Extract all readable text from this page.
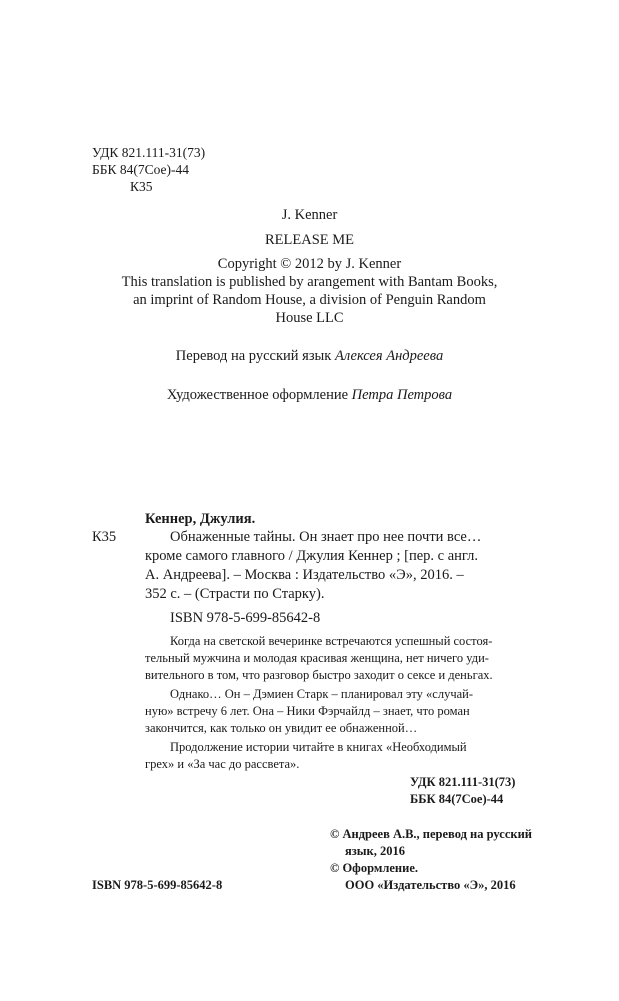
УДК 821.111-31(73)
ББК 84(7Сое)-44
К35
J. Kenner
RELEASE ME
Copyright © 2012 by J. Kenner
This translation is published by arangement with Bantam Books,
an imprint of Random House, a division of Penguin Random
House LLC
Перевод на русский язык Алексея Андреева
Художественное оформление Петра Петрова
Кеннер, Джулия.
К35	Обнаженные тайны. Он знает про нее почти все…
кроме самого главного / Джулия Кеннер ; [пер. с англ.
А. Андреева]. – Москва : Издательство «Э», 2016. –
352 с. – (Страсти по Старку).
ISBN 978-5-699-85642-8
Когда на светской вечеринке встречаются успешный состоя-
тельный мужчина и молодая красивая женщина, нет ничего уди-
вительного в том, что разговор быстро заходит о сексе и деньгах.
Однако… Он – Дэмиен Старк – планировал эту «случай-
ную» встречу 6 лет. Она – Ники Фэрчайлд – знает, что роман
закончится, как только он увидит ее обнаженной…
Продолжение истории читайте в книгах «Необходимый
грех» и «За час до рассвета».
УДК 821.111-31(73)
ББК 84(7Сое)-44
© Андреев А.В., перевод на русский
язык, 2016
© Оформление.
ООО «Издательство «Э», 2016
ISBN 978-5-699-85642-8
